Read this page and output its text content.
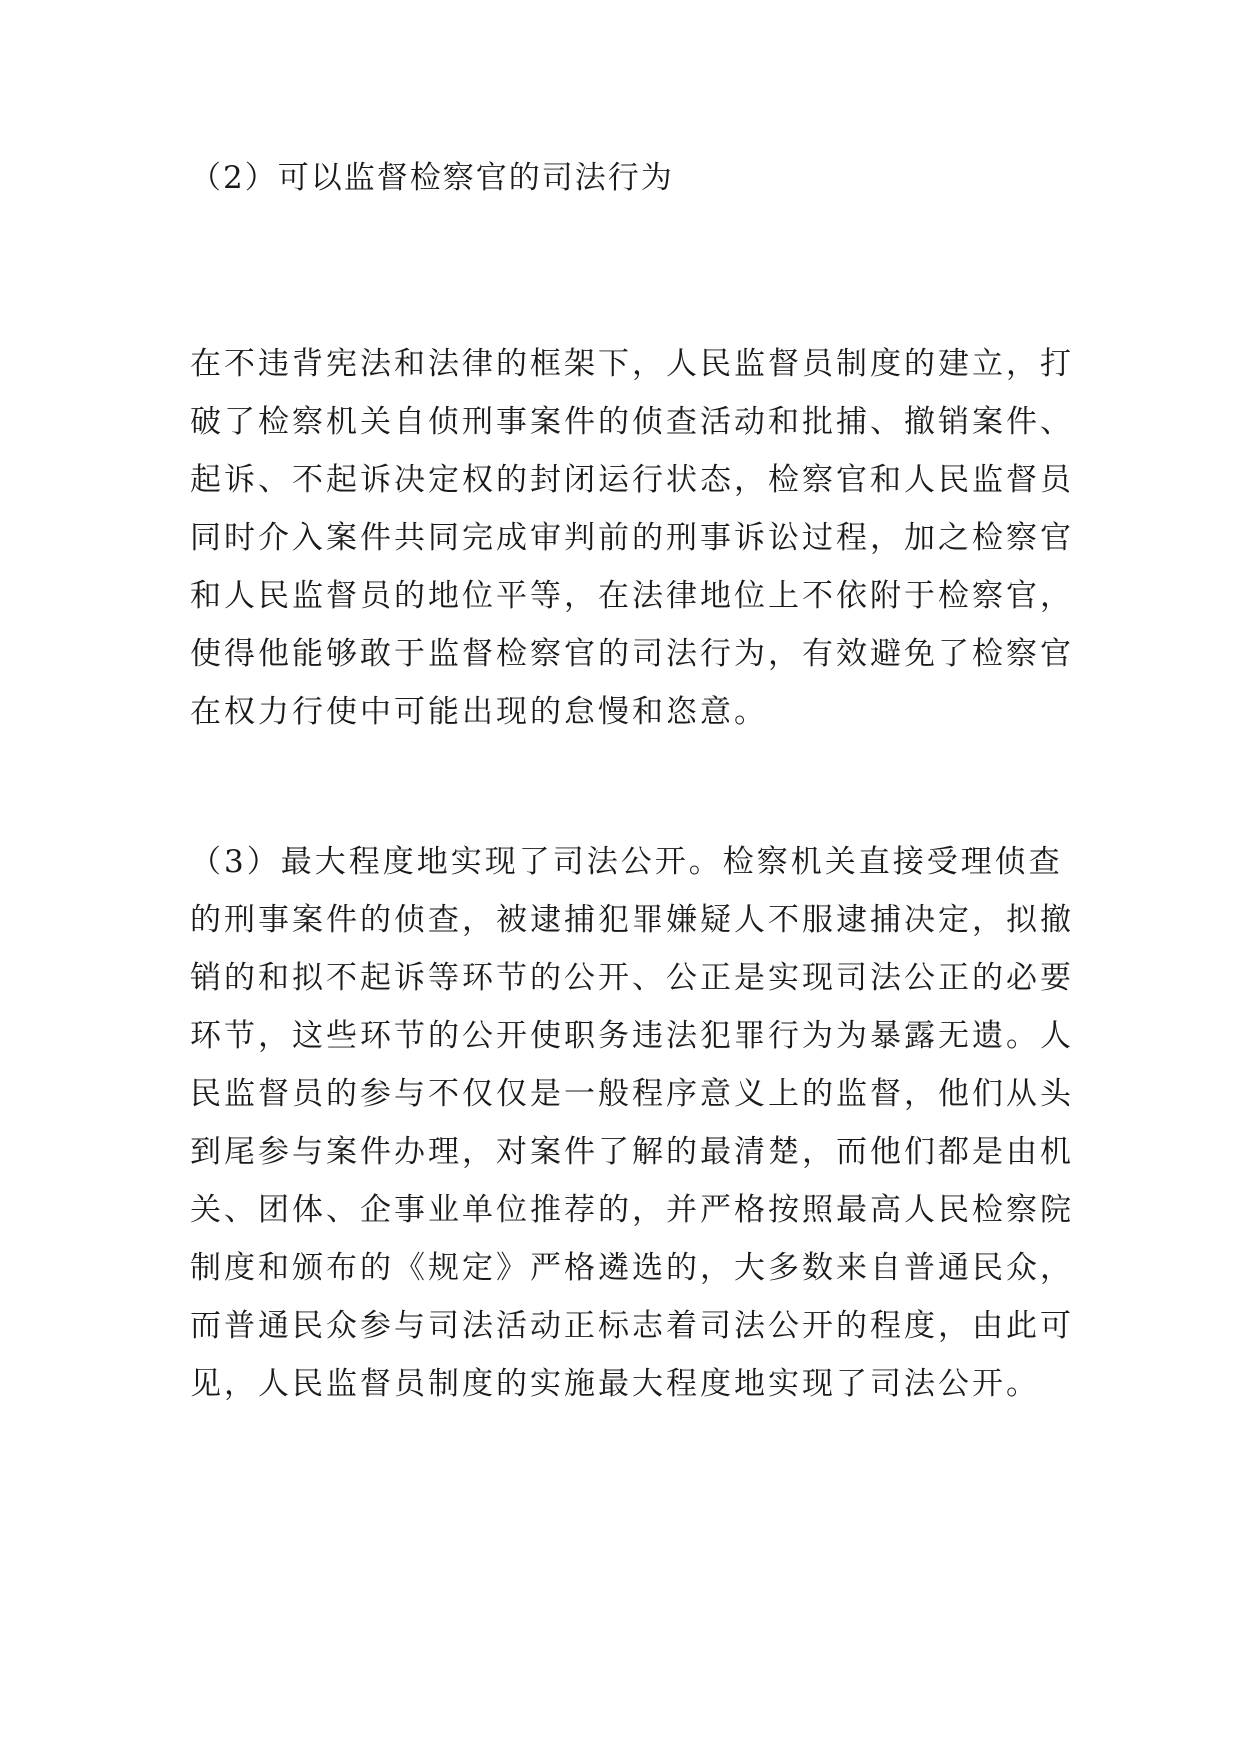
（2）可以监督检察官的司法行为
在不违背宪法和法律的框架下，人民监督员制度的建立，打
破了检察机关自侦刑事案件的侦查活动和批捕、撤销案件、
起诉、不起诉决定权的封闭运行状态，检察官和人民监督员
同时介入案件共同完成审判前的刑事诉讼过程，加之检察官
和人民监督员的地位平等，在法律地位上不依附于检察官，
使得他能够敢于监督检察官的司法行为，有效避免了检察官
在权力行使中可能出现的怠慢和恣意。
（3）最大程度地实现了司法公开。检察机关直接受理侦查
的刑事案件的侦查，被逮捕犯罪嫌疑人不服逮捕决定，拟撤
销的和拟不起诉等环节的公开、公正是实现司法公正的必要
环节，这些环节的公开使职务违法犯罪行为为暴露无遗。人
民监督员的参与不仅仅是一般程序意义上的监督，他们从头
到尾参与案件办理，对案件了解的最清楚，而他们都是由机
关、团体、企事业单位推荐的，并严格按照最高人民检察院
制度和颁布的《规定》严格遴选的，大多数来自普通民众，
而普通民众参与司法活动正标志着司法公开的程度，由此可
见，人民监督员制度的实施最大程度地实现了司法公开。
